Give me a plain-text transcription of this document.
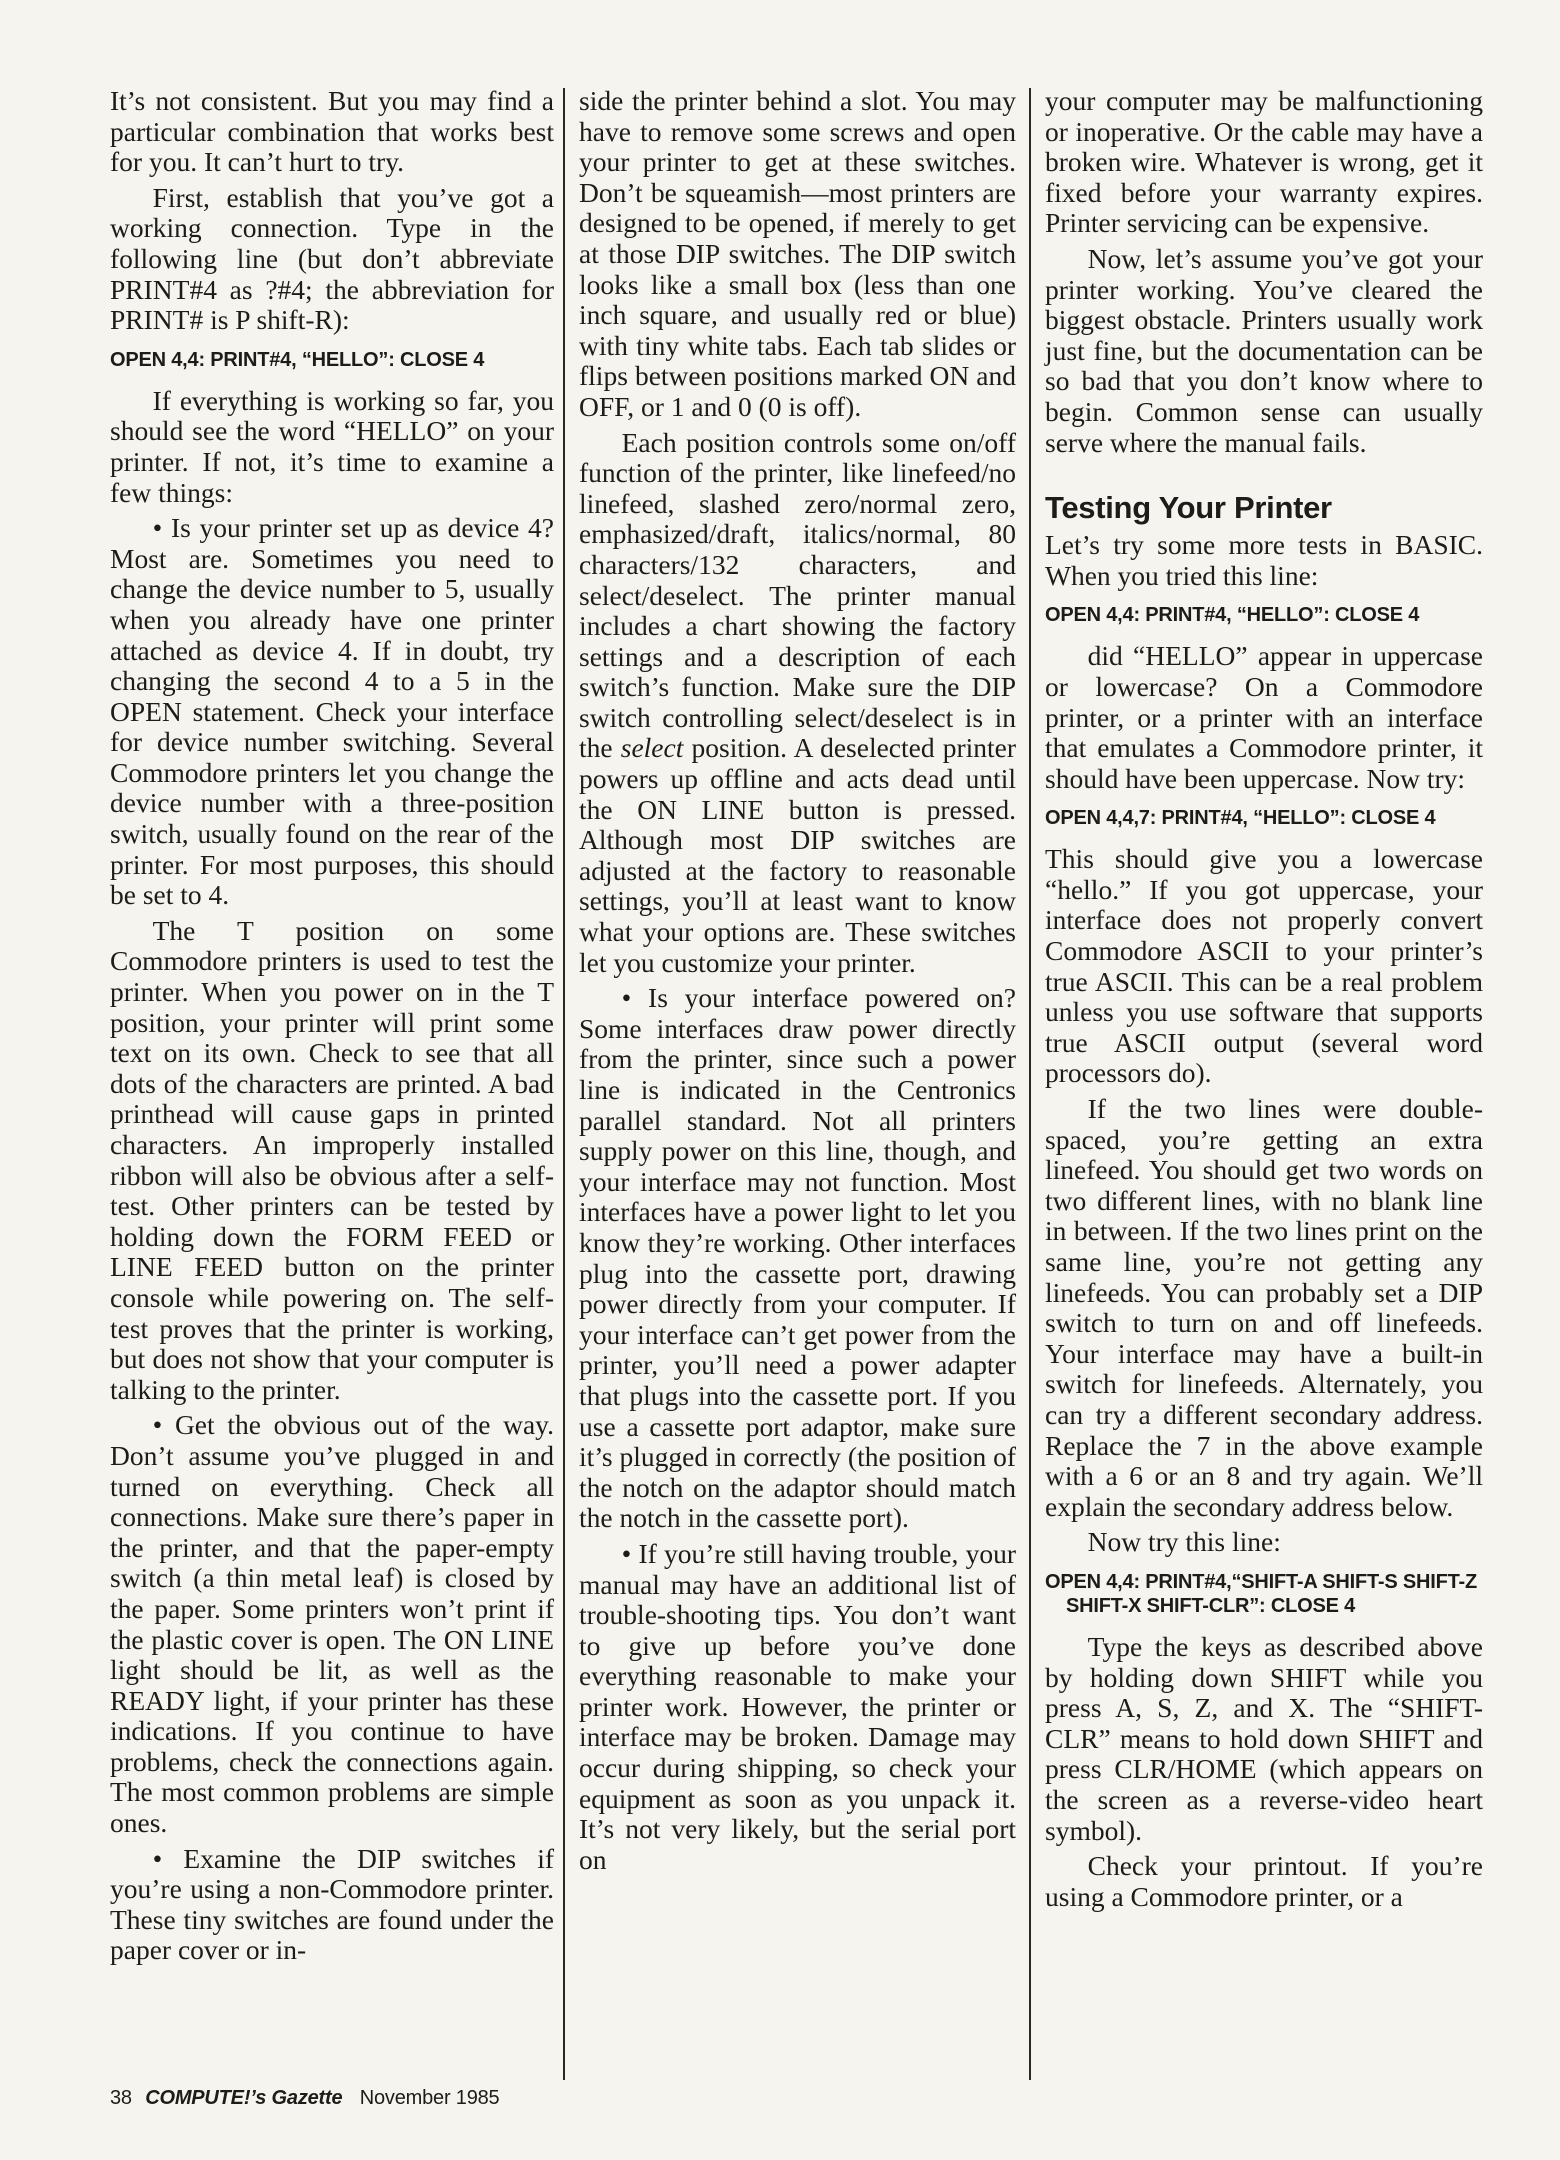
It’s not consistent. But you may find a particular combination that works best for you. It can’t hurt to try.

First, establish that you’ve got a working connection. Type in the following line (but don’t abbreviate PRINT#4 as ?#4; the abbreviation for PRINT# is P shift-R):

OPEN 4,4: PRINT#4, “HELLO”: CLOSE 4

If everything is working so far, you should see the word “HELLO” on your printer. If not, it’s time to examine a few things:

• Is your printer set up as device 4? Most are. Sometimes you need to change the device number to 5, usually when you already have one printer attached as device 4. If in doubt, try changing the second 4 to a 5 in the OPEN statement. Check your interface for device number switching. Several Commodore printers let you change the device number with a three-position switch, usually found on the rear of the printer. For most purposes, this should be set to 4.

The T position on some Commodore printers is used to test the printer. When you power on in the T position, your printer will print some text on its own. Check to see that all dots of the characters are printed. A bad printhead will cause gaps in printed characters. An improperly installed ribbon will also be obvious after a self-test. Other printers can be tested by holding down the FORM FEED or LINE FEED button on the printer console while powering on. The self-test proves that the printer is working, but does not show that your computer is talking to the printer.

• Get the obvious out of the way. Don’t assume you’ve plugged in and turned on everything. Check all connections. Make sure there’s paper in the printer, and that the paper-empty switch (a thin metal leaf) is closed by the paper. Some printers won’t print if the plastic cover is open. The ON LINE light should be lit, as well as the READY light, if your printer has these indications. If you continue to have problems, check the connections again. The most common problems are simple ones.

• Examine the DIP switches if you’re using a non-Commodore printer. These tiny switches are found under the paper cover or in-

side the printer behind a slot. You may have to remove some screws and open your printer to get at these switches. Don’t be squeamish—most printers are designed to be opened, if merely to get at those DIP switches. The DIP switch looks like a small box (less than one inch square, and usually red or blue) with tiny white tabs. Each tab slides or flips between positions marked ON and OFF, or 1 and 0 (0 is off).

Each position controls some on/off function of the printer, like linefeed/no linefeed, slashed zero/normal zero, emphasized/draft, italics/normal, 80 characters/132 characters, and select/deselect. The printer manual includes a chart showing the factory settings and a description of each switch’s function. Make sure the DIP switch controlling select/deselect is in the select position. A deselected printer powers up offline and acts dead until the ON LINE button is pressed. Although most DIP switches are adjusted at the factory to reasonable settings, you’ll at least want to know what your options are. These switches let you customize your printer.

• Is your interface powered on? Some interfaces draw power directly from the printer, since such a power line is indicated in the Centronics parallel standard. Not all printers supply power on this line, though, and your interface may not function. Most interfaces have a power light to let you know they’re working. Other interfaces plug into the cassette port, drawing power directly from your computer. If your interface can’t get power from the printer, you’ll need a power adapter that plugs into the cassette port. If you use a cassette port adaptor, make sure it’s plugged in correctly (the position of the notch on the adaptor should match the notch in the cassette port).

• If you’re still having trouble, your manual may have an additional list of trouble-shooting tips. You don’t want to give up before you’ve done everything reasonable to make your printer work. However, the printer or interface may be broken. Damage may occur during shipping, so check your equipment as soon as you unpack it. It’s not very likely, but the serial port on

your computer may be malfunctioning or inoperative. Or the cable may have a broken wire. Whatever is wrong, get it fixed before your warranty expires. Printer servicing can be expensive.

Now, let’s assume you’ve got your printer working. You’ve cleared the biggest obstacle. Printers usually work just fine, but the documentation can be so bad that you don’t know where to begin. Common sense can usually serve where the manual fails.

Testing Your Printer

Let’s try some more tests in BASIC. When you tried this line:

OPEN 4,4: PRINT#4, “HELLO”: CLOSE 4

did “HELLO” appear in uppercase or lowercase? On a Commodore printer, or a printer with an interface that emulates a Commodore printer, it should have been uppercase. Now try:

OPEN 4,4,7: PRINT#4, “HELLO”: CLOSE 4

This should give you a lowercase “hello.” If you got uppercase, your interface does not properly convert Commodore ASCII to your printer’s true ASCII. This can be a real problem unless you use software that supports true ASCII output (several word processors do).

If the two lines were double-spaced, you’re getting an extra linefeed. You should get two words on two different lines, with no blank line in between. If the two lines print on the same line, you’re not getting any linefeeds. You can probably set a DIP switch to turn on and off linefeeds. Your interface may have a built-in switch for linefeeds. Alternately, you can try a different secondary address. Replace the 7 in the above example with a 6 or an 8 and try again. We’ll explain the secondary address below.

Now try this line:

OPEN 4,4: PRINT#4,“SHIFT-A SHIFT-S SHIFT-Z SHIFT-X SHIFT-CLR”: CLOSE 4

Type the keys as described above by holding down SHIFT while you press A, S, Z, and X. The “SHIFT-CLR” means to hold down SHIFT and press CLR/HOME (which appears on the screen as a reverse-video heart symbol).

Check your printout. If you’re using a Commodore printer, or a

38 COMPUTE!’s Gazette November 1985
